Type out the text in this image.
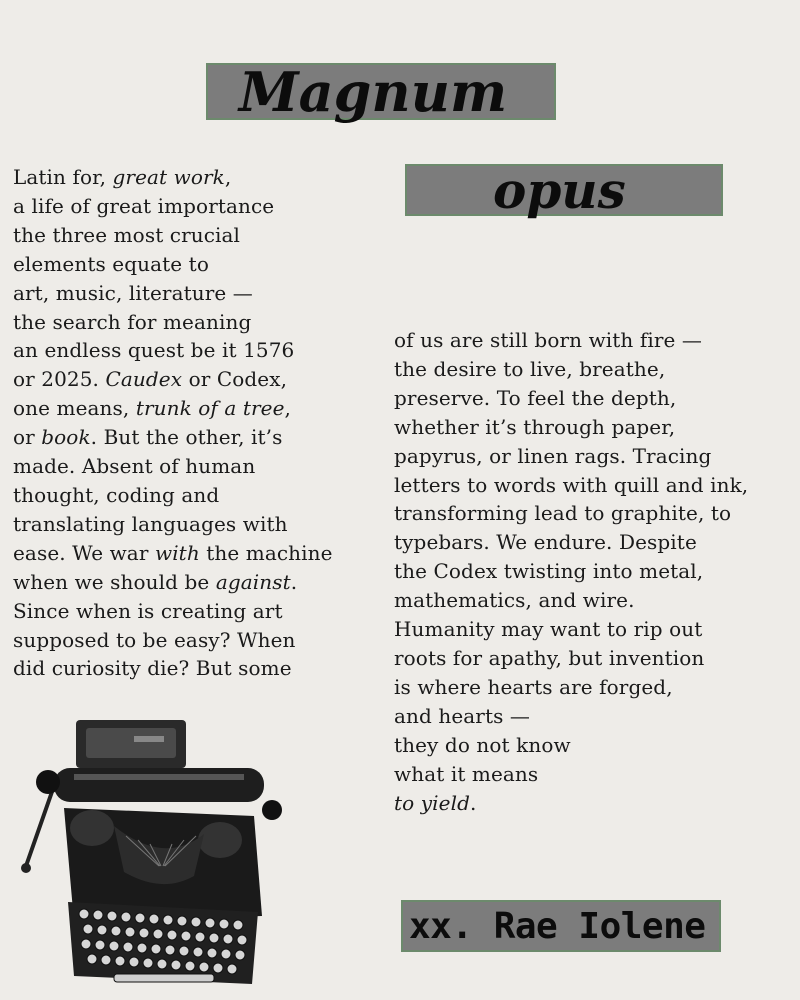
Magnum
opus
Latin for, great work,
a life of great importance
the three most crucial
elements equate to
art, music, literature —
the search for meaning
an endless quest be it 1576
or 2025. Caudex or Codex,
one means, trunk of a tree,
or book. But the other, it’s
made. Absent of human
thought, coding and
translating languages with
ease. We war with the machine
when we should be against.
Since when is creating art
supposed to be easy? When
did curiosity die? But some
of us are still born with fire —
the desire to live, breathe,
preserve. To feel the depth,
whether it’s through paper,
papyrus, or linen rags. Tracing
letters to words with quill and ink,
transforming lead to graphite, to
typebars. We endure. Despite
the Codex twisting into metal,
mathematics, and wire.
Humanity may want to rip out
roots for apathy, but invention
is where hearts are forged,
and hearts —
they do not know
what it means
to yield.
xx. Rae Iolene
